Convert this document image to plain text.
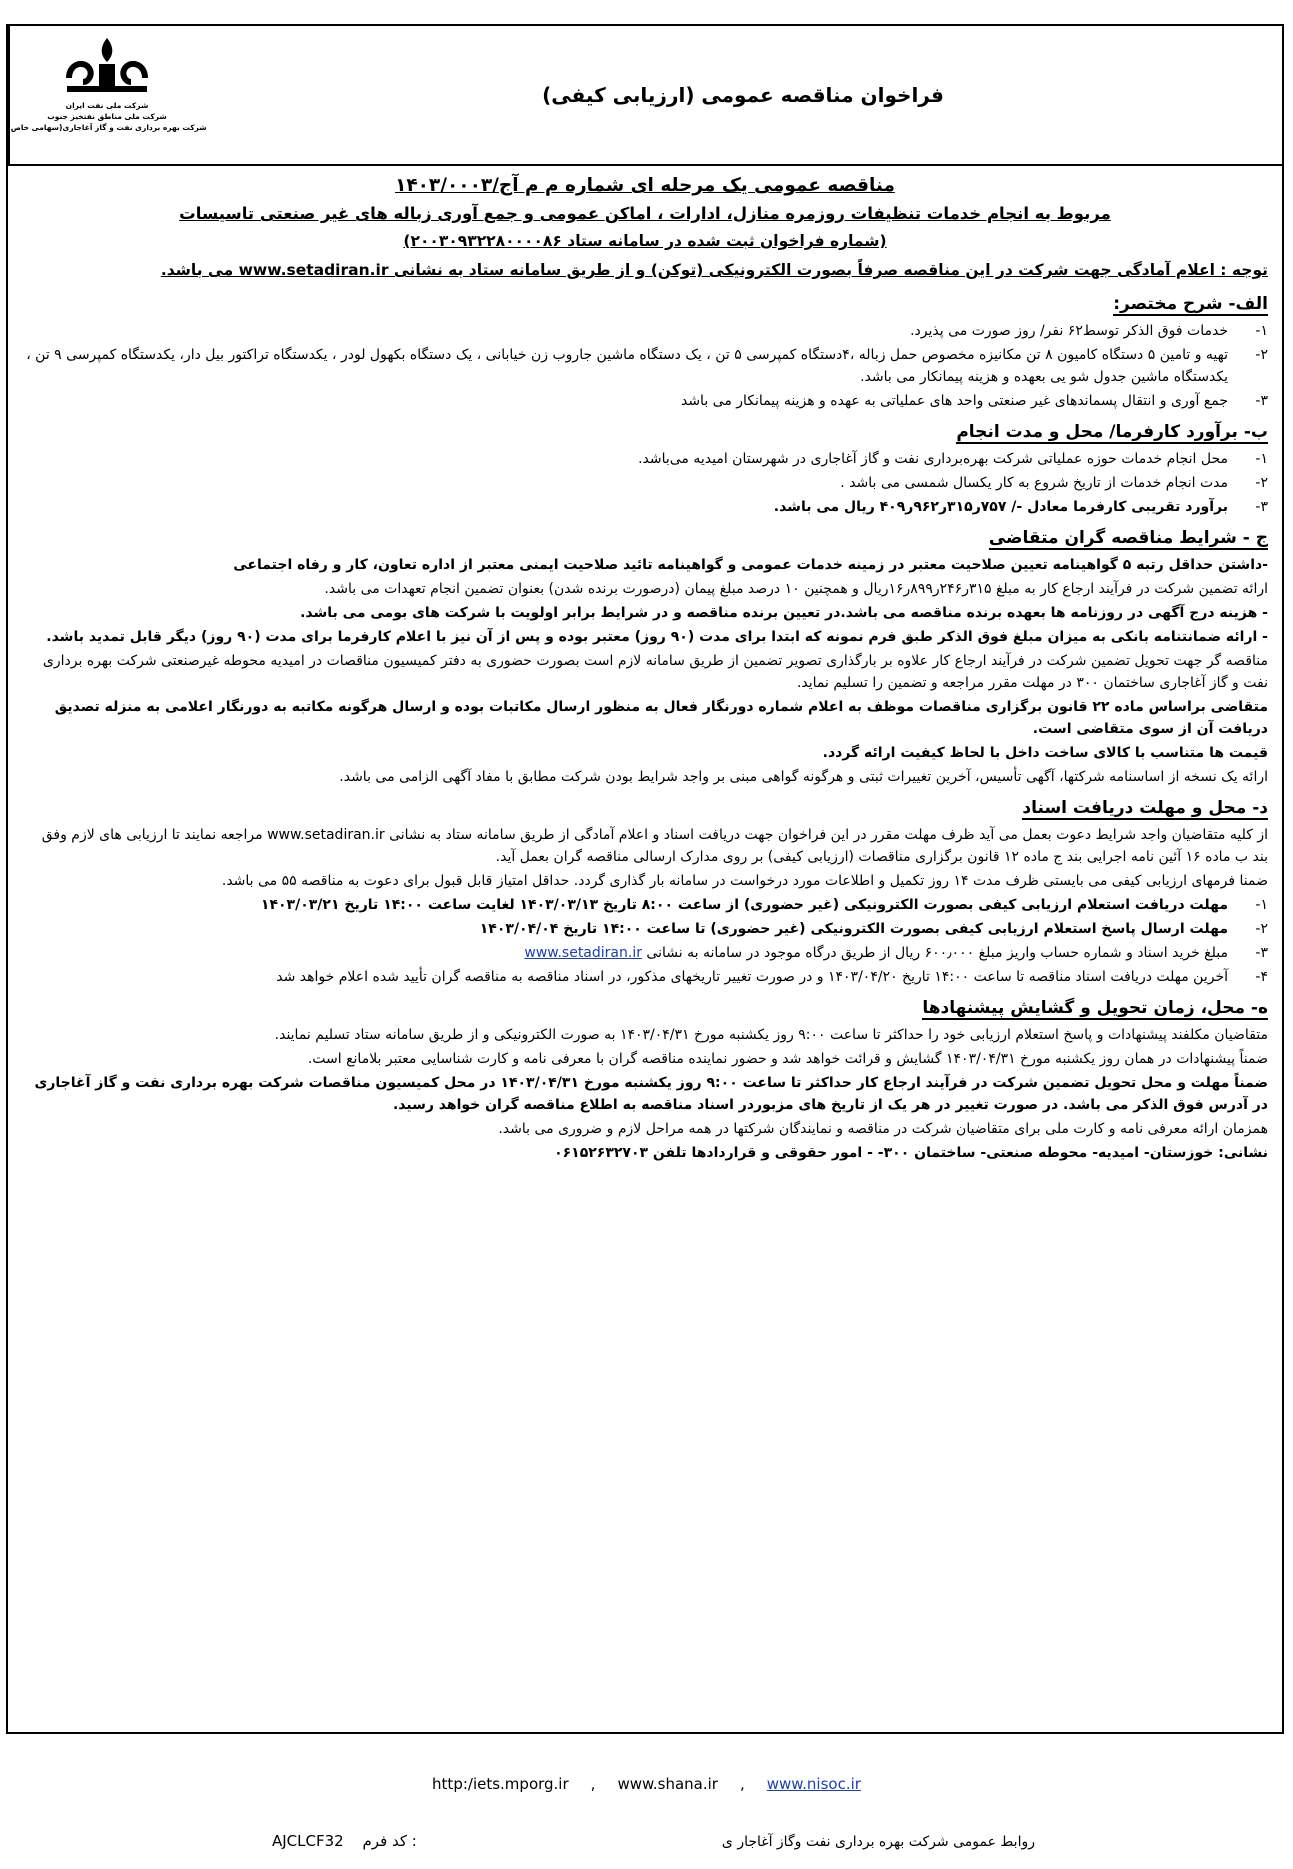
شرکت ملی نفت ایران
شرکت ملی مناطق نفتخیز جنوب
شرکت بهره برداری نفت و گاز آغاجاری(سهامی خاص)
فراخوان مناقصه عمومی (ارزیابی کیفی)
مناقصه عمومی یک مرحله ای شماره م م آج/۱۴۰۳/۰۰۰۳
مربوط به انجام خدمات تنظیفات روزمره منازل، ادارات ، اماکن عمومی و جمع آوری زباله های غیر صنعتی تاسیسات
(شماره فراخوان ثبت شده در سامانه ستاد ۲۰۰۳۰۹۳۲۲۸۰۰۰۰۸۶)
توجه : اعلام آمادگی جهت شرکت در این مناقصه صرفاً بصورت الکترونیکی (توکن) و از طریق سامانه ستاد به نشانی www.setadiran.ir می باشد.
الف- شرح مختصر:
۱-
خدمات فوق الذکر توسط۶۲ نفر/ روز صورت می پذیرد.
۲-
تهیه و تامین ۵ دستگاه کامیون ۸ تن مکانیزه مخصوص حمل زباله ،۴دستگاه کمپرسی ۵ تن ، یک دستگاه ماشین جاروب زن خیابانی ، یک دستگاه بکهول لودر ، یکدستگاه تراکتور بیل دار، یکدستگاه کمپرسی ۹ تن ، یکدستگاه ماشین جدول شو یی بعهده و هزینه پیمانکار می باشد.
۳-
جمع آوری و انتقال پسماندهای غیر صنعتی واحد های عملیاتی به عهده و هزینه پیمانکار می باشد
ب- برآورد کارفرما/ محل و مدت انجام
۱-
محل انجام خدمات حوزه عملیاتی شرکت بهره‌برداری نفت و گاز آغاجاری در شهرستان امیدیه می‌باشد.
۲-
مدت انجام خدمات از تاریخ شروع به کار یکسال شمسی می باشد .
۳-
برآورد تقریبی کارفرما معادل -/ ۷۵۷ر۳۱۵ر۹۶۲ر۴۰۹ ریال می باشد.
ج - شرایط مناقصه گران متقاضی
-داشتن حداقل رتبه ۵ گواهینامه تعیین صلاحیت معتبر در زمینه خدمات عمومی و گواهینامه تائید صلاحیت ایمنی معتبر از اداره تعاون، کار و رفاه اجتماعی
ارائه تضمین شرکت در فرآیند ارجاع کار به مبلغ ۳۱۵ر۲۴۶ر۸۹۹ر۱۶ریال و همچنین ۱۰ درصد مبلغ پیمان (درصورت برنده شدن) بعنوان تضمین انجام تعهدات می باشد.
- هزینه درج آگهی در روزنامه ها بعهده برنده مناقصه می باشد.در تعیین برنده مناقصه و در شرایط برابر اولویت با شرکت های بومی می باشد.
- ارائه ضمانتنامه بانکی به میزان مبلغ فوق الذکر طبق فرم نمونه که ابتدا برای مدت (۹۰ روز) معتبر بوده و پس از آن نیز با اعلام کارفرما برای مدت (۹۰ روز) دیگر قابل تمدید باشد.
مناقصه گر جهت تحویل تضمین شرکت در فرآیند ارجاع کار علاوه بر بارگذاری تصویر تضمین از طریق سامانه لازم است بصورت حضوری به دفتر کمیسیون مناقصات در امیدیه محوطه غیرصنعتی شرکت بهره برداری نفت و گاز آغاجاری ساختمان ۳۰۰ در مهلت مقرر مراجعه و تضمین را تسلیم نماید.
متقاضی براساس ماده ۲۲ قانون برگزاری مناقصات موظف به اعلام شماره دورنگار فعال به منظور ارسال مکاتبات بوده و ارسال هرگونه مکاتبه به دورنگار اعلامی به منزله تصدیق دریافت آن از سوی متقاضی است.
قیمت ها متناسب با کالای ساخت داخل با لحاظ کیفیت ارائه گردد.
ارائه یک نسخه از اساسنامه شرکتها، آگهی تأسیس، آخرین تغییرات ثبتی و هرگونه گواهی مبنی بر واجد شرایط بودن شرکت مطابق با مفاد آگهی الزامی می باشد.
د- محل و مهلت دریافت اسناد
از کلیه متقاضیان واجد شرایط دعوت بعمل می آید ظرف مهلت مقرر در این فراخوان جهت دریافت اسناد و اعلام آمادگی از طریق سامانه ستاد به نشانی www.setadiran.ir مراجعه نمایند تا ارزیابی های لازم وفق بند ب ماده ۱۶ آئین نامه اجرایی بند ج ماده ۱۲ قانون برگزاری مناقصات (ارزیابی کیفی) بر روی مدارک ارسالی مناقصه گران بعمل آید.
ضمنا فرمهای ارزیابی کیفی می بایستی ظرف مدت ۱۴ روز تکمیل و اطلاعات مورد درخواست در سامانه بار گذاری گردد. حداقل امتیاز قابل قبول برای دعوت به مناقصه ۵۵ می باشد.
۱-
مهلت دریافت استعلام ارزیابی کیفی بصورت الکترونیکی (غیر حضوری) از ساعت ۸:۰۰ تاریخ ۱۴۰۳/۰۳/۱۳ لغایت ساعت ۱۴:۰۰ تاریخ ۱۴۰۳/۰۳/۲۱
۲-
مهلت ارسال پاسخ استعلام ارزیابی کیفی بصورت الکترونیکی (غیر حضوری) تا ساعت ۱۴:۰۰ تاریخ ۱۴۰۳/۰۴/۰۴
۳-
مبلغ خرید اسناد و شماره حساب واریز مبلغ ۶۰۰٫۰۰۰ ریال از طریق درگاه موجود در سامانه به نشانی www.setadiran.ir
۴-
آخرین مهلت دریافت اسناد مناقصه تا ساعت ۱۴:۰۰ تاریخ ۱۴۰۳/۰۴/۲۰ و در صورت تغییر تاریخهای مذکور، در اسناد مناقصه به مناقصه گران تأیید شده اعلام خواهد شد
ه- محل، زمان تحویل و گشایش پیشنهادها
متقاضیان مکلفند پیشنهادات و پاسخ استعلام ارزیابی خود را حداکثر تا ساعت ۹:۰۰ روز یکشنبه مورخ ۱۴۰۳/۰۴/۳۱ به صورت الکترونیکی و از طریق سامانه ستاد تسلیم نمایند.
ضمناً پیشنهادات در همان روز یکشنبه مورخ ۱۴۰۳/۰۴/۳۱ گشایش و قرائت خواهد شد و حضور نماینده مناقصه گران با معرفی نامه و کارت شناسایی معتبر بلامانع است.
ضمناً مهلت و محل تحویل تضمین شرکت در فرآیند ارجاع کار حداکثر تا ساعت ۹:۰۰ روز یکشنبه مورخ ۱۴۰۳/۰۴/۳۱ در محل کمیسیون مناقصات شرکت بهره برداری نفت و گاز آغاجاری در آدرس فوق الذکر می باشد. در صورت تغییر در هر یک از تاریخ های مزبوردر اسناد مناقصه به اطلاع مناقصه گران خواهد رسید.
همزمان ارائه معرفی نامه و کارت ملی برای متقاضیان شرکت در مناقصه و نمایندگان شرکتها در همه مراحل لازم و ضروری می باشد.
نشانی: خوزستان- امیدیه- محوطه صنعتی- ساختمان ۳۰۰- - امور حقوقی و قراردادها تلفن ۰۶۱۵۲۶۳۲۷۰۳
http:/iets.mporg.ir , www.shana.ir , www.nisoc.ir
AJCLCF32 کد فرم :	روابط عمومی شرکت بهره برداری نفت وگاز آغاجار ی
